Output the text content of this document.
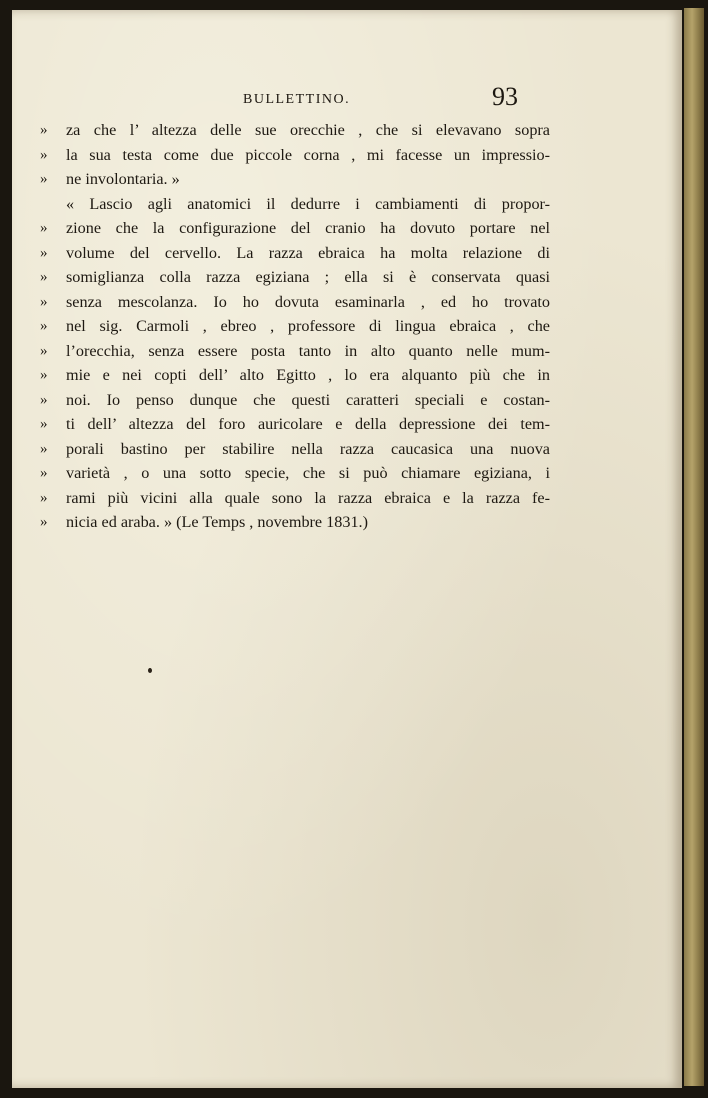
BULLETTINO.	93
»	za che l’ altezza delle sue orecchie , che si elevavano sopra
»	la sua testa come due piccole corna , mi facesse un impressio-
»	ne involontaria. »
« Lascio agli anatomici il dedurre i cambiamenti di propor-
»	zione che la configurazione del cranio ha dovuto portare nel
»	volume del cervello. La razza ebraica ha molta relazione di
»	somiglianza colla razza egiziana ; ella si è conservata quasi
»	senza mescolanza. Io ho dovuta esaminarla , ed ho trovato
»	nel sig. Carmoli , ebreo , professore di lingua ebraica , che
»	l’orecchia, senza essere posta tanto in alto quanto nelle mum-
»	mie e nei copti dell’ alto Egitto , lo era alquanto più che in
»	noi. Io penso dunque che questi caratteri speciali e costan-
»	ti dell’ altezza del foro auricolare e della depressione dei tem-
»	porali bastino per stabilire nella razza caucasica una nuova
»	varietà , o una sotto specie, che si può chiamare egiziana, i
»	rami più vicini alla quale sono la razza ebraica e la razza fe-
»	nicia ed araba. » (Le Temps , novembre 1831.)
